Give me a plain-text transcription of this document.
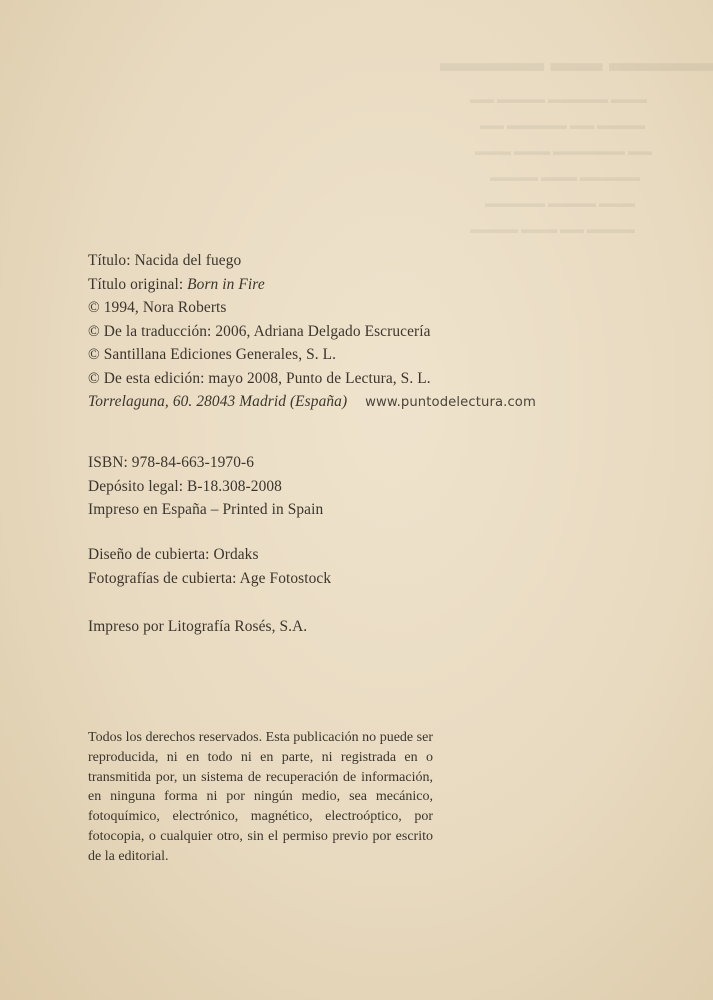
▬▬▬▬ ▬▬ ▬▬▬▬
▬▬▬ ▬▬▬▬▬ ▬▬▬▬ ▬▬
▬▬▬▬ ▬▬ ▬▬▬▬▬ ▬▬
▬▬ ▬▬▬▬▬▬ ▬▬▬ ▬▬▬
▬▬▬▬▬ ▬▬▬ ▬▬▬▬
▬▬▬ ▬▬▬▬ ▬▬▬▬▬
▬▬▬▬ ▬▬ ▬▬▬ ▬▬▬▬
Título: Nacida del fuego
Título original: Born in Fire
© 1994, Nora Roberts
© De la traducción: 2006, Adriana Delgado Escrucería
© Santillana Ediciones Generales, S. L.
© De esta edición: mayo 2008, Punto de Lectura, S. L.
Torrelaguna, 60. 28043 Madrid (España) www.puntodelectura.com
ISBN: 978-84-663-1970-6
Depósito legal: B-18.308-2008
Impreso en España – Printed in Spain
Diseño de cubierta: Ordaks
Fotografías de cubierta: Age Fotostock
Impreso por Litografía Rosés, S.A.
Todos los derechos reservados. Esta publicación no puede ser reproducida, ni en todo ni en parte, ni registrada en o transmitida por, un sistema de recuperación de información, en ninguna forma ni por ningún medio, sea mecánico, fotoquímico, electrónico, magnético, electroóptico, por fotocopia, o cualquier otro, sin el permiso previo por escrito de la editorial.
